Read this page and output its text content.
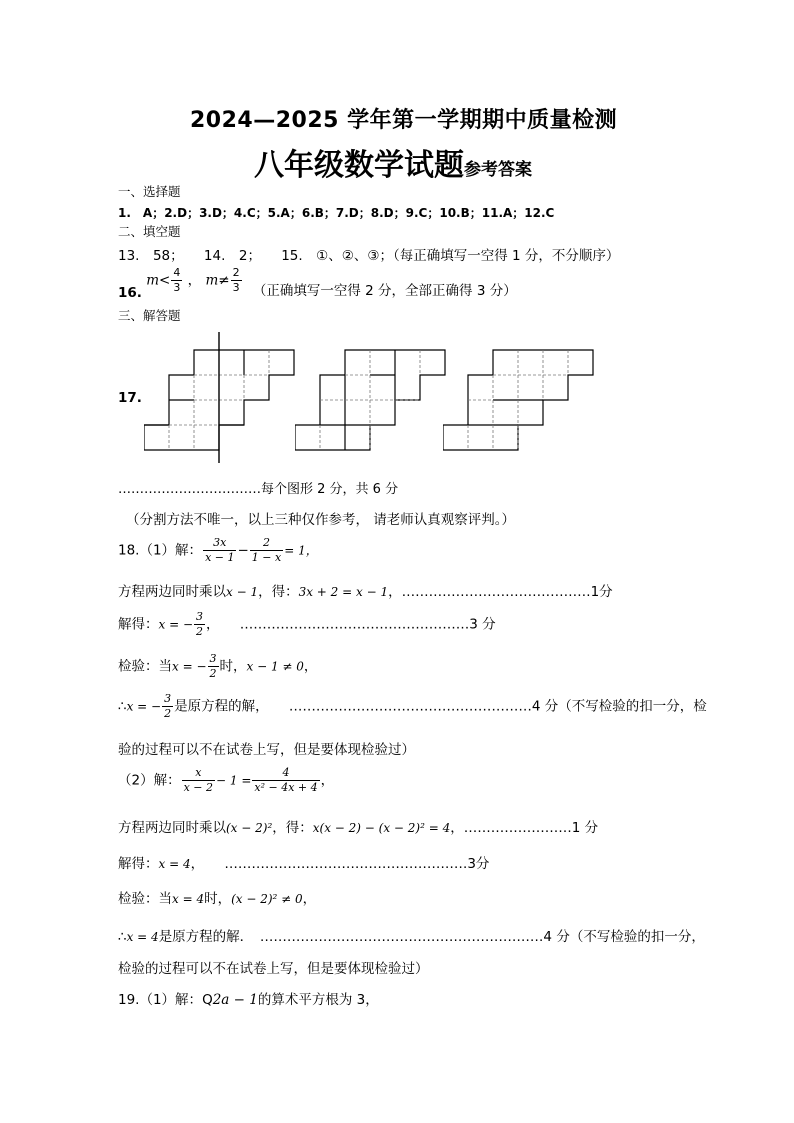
2024—2025 学年第一学期期中质量检测
八年级数学试题参考答案
一、选择题
1.　A；2.D；3.D；4.C；5.A；6.B；7.D；8.D；9.C；10.B；11.A；12.C
二、填空题
13.　58；　　14.　2；　　15.　①、②、③；（每正确填写一空得 1 分，不分顺序）
16. $m< \frac{4}{3}$ ， $m\ne \frac{2}{3}$ （正确填写一空得 2 分，全部正确得 3 分）
三、解答题
17.
……………………………每个图形 2 分，共 6 分
（分割方法不唯一，以上三种仅作参考， 请老师认真观察评判。）
18.（1）解： $\frac{3x}{x - 1} - \frac{2}{1 - x} = 1$，
方程两边同时乘以x − 1，得：3x + 2 = x − 1，……………………………………1分
解得：x = − $\frac{3}{2}$ ，　　……………………………………………3 分
检验：当x = − $\frac{3}{2}$ 时，x − 1 ≠ 0，
∴x = − $\frac{3}{2}$ 是原方程的解，　　………………………………………………4 分（不写检验的扣一分，检
验的过程可以不在试卷上写，但是要体现检验过）
（2）解： $\frac{x}{x - 2} - 1 = \frac{4}{\text{x² − 4x + 4}}$ ，
方程两边同时乘以(x − 2)²，得：x(x − 2) − (x − 2)² = 4，……………………1 分
解得：x = 4，　　………………………………………………3分
检验：当x = 4时，(x − 2)² ≠ 0，
∴x = 4是原方程的解．　………………………………………………………4 分（不写检验的扣一分，
检验的过程可以不在试卷上写，但是要体现检验过）
19.（1）解：Q2a − 1的算术平方根为 3，
